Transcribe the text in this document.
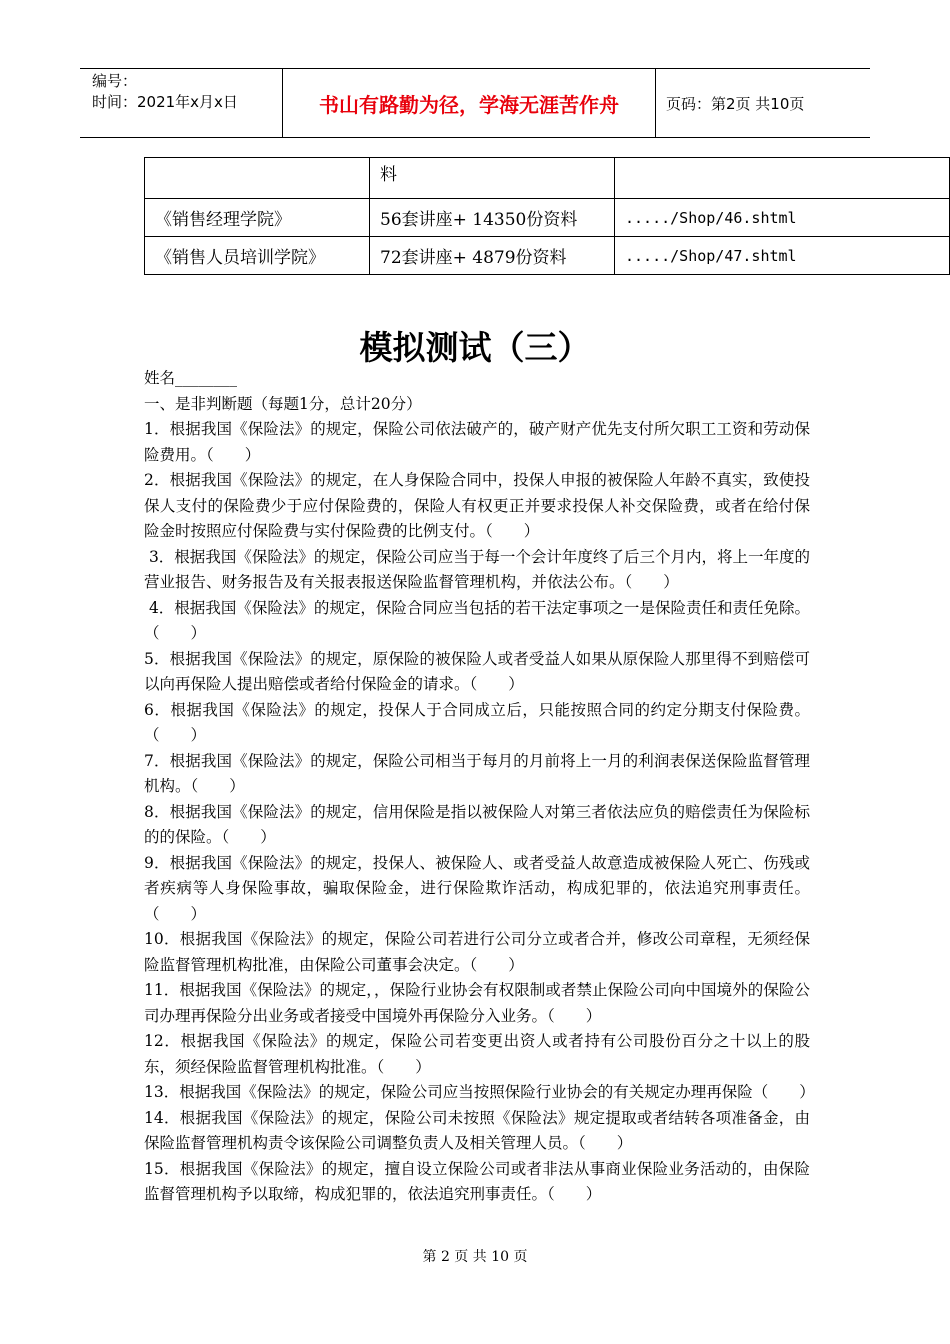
编号：
时间：2021年x月x日	书山有路勤为径，学海无涯苦作舟	页码：第2页 共10页
	料	
《销售经理学院》	56套讲座+ 14350份资料	...../Shop/46.shtml
《销售人员培训学院》	72套讲座+ 4879份资料	...../Shop/47.shtml
模拟测试（三）

姓名________

一、是非判断题（每题1分，总计20分）

1．根据我国《保险法》的规定，保险公司依法破产的，破产财产优先支付所欠职工工资和劳动保险费用。（　　）

2．根据我国《保险法》的规定，在人身保险合同中，投保人申报的被保险人年龄不真实，致使投保人支付的保险费少于应付保险费的，保险人有权更正并要求投保人补交保险费，或者在给付保险金时按照应付保险费与实付保险费的比例支付。（　　）

3．根据我国《保险法》的规定，保险公司应当于每一个会计年度终了后三个月内，将上一年度的营业报告、财务报告及有关报表报送保险监督管理机构，并依法公布。（　　）

4．根据我国《保险法》的规定，保险合同应当包括的若干法定事项之一是保险责任和责任免除。（　　）

5．根据我国《保险法》的规定，原保险的被保险人或者受益人如果从原保险人那里得不到赔偿可以向再保险人提出赔偿或者给付保险金的请求。（　　）

6．根据我国《保险法》的规定，投保人于合同成立后，只能按照合同的约定分期支付保险费。（　　）

7．根据我国《保险法》的规定，保险公司相当于每月的月前将上一月的利润表保送保险监督管理机构。（　　）

8．根据我国《保险法》的规定，信用保险是指以被保险人对第三者依法应负的赔偿责任为保险标的的保险。（　　）

9．根据我国《保险法》的规定，投保人、被保险人、或者受益人故意造成被保险人死亡、伤残或者疾病等人身保险事故，骗取保险金，进行保险欺诈活动，构成犯罪的，依法追究刑事责任。（　　）

10．根据我国《保险法》的规定，保险公司若进行公司分立或者合并，修改公司章程，无须经保险监督管理机构批准，由保险公司董事会决定。（　　）

11．根据我国《保险法》的规定，，保险行业协会有权限制或者禁止保险公司向中国境外的保险公司办理再保险分出业务或者接受中国境外再保险分入业务。（　　）

12．根据我国《保险法》的规定，保险公司若变更出资人或者持有公司股份百分之十以上的股东，须经保险监督管理机构批准。（　　）

13．根据我国《保险法》的规定，保险公司应当按照保险行业协会的有关规定办理再保险（　　）

14．根据我国《保险法》的规定，保险公司未按照《保险法》规定提取或者结转各项准备金，由保险监督管理机构责令该保险公司调整负责人及相关管理人员。（　　）

15．根据我国《保险法》的规定，擅自设立保险公司或者非法从事商业保险业务活动的，由保险监督管理机构予以取缔，构成犯罪的，依法追究刑事责任。（　　）

第 2 页 共 10 页
